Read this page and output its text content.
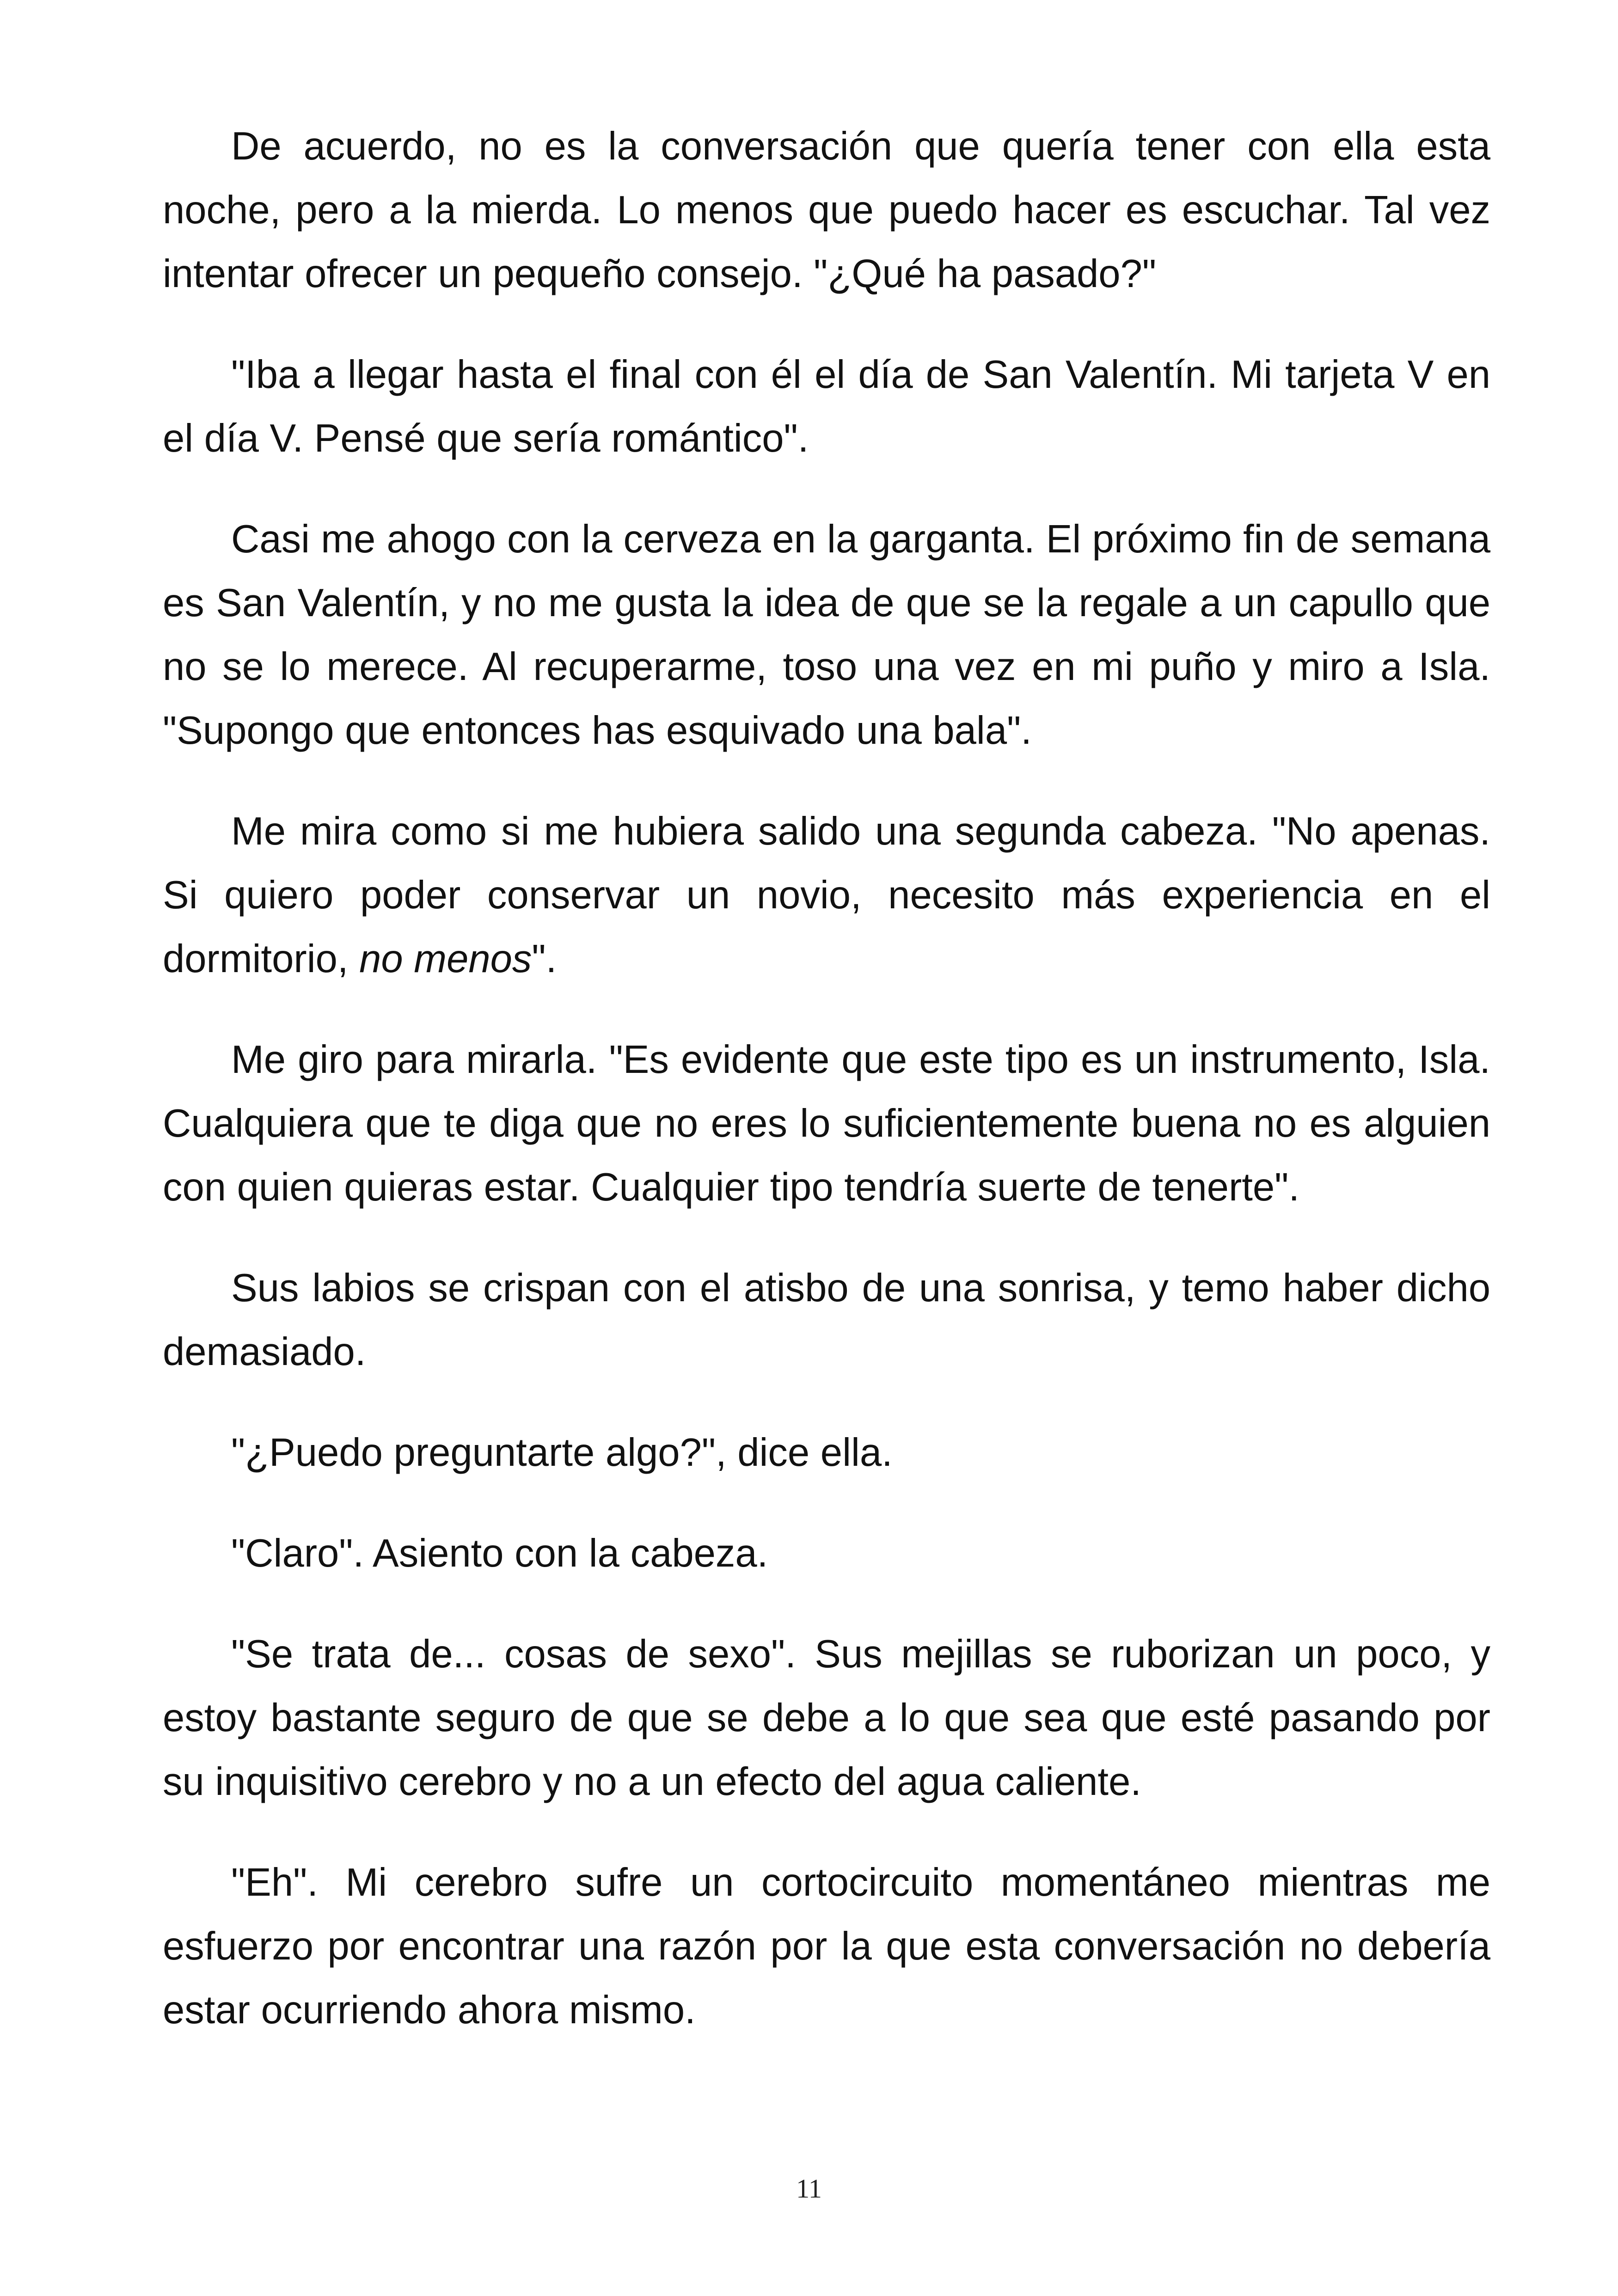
De acuerdo, no es la conversación que quería tener con ella esta noche, pero a la mierda. Lo menos que puedo hacer es escuchar. Tal vez intentar ofrecer un pequeño consejo. "¿Qué ha pasado?"

"Iba a llegar hasta el final con él el día de San Valentín. Mi tarjeta V en el día V. Pensé que sería romántico".

Casi me ahogo con la cerveza en la garganta. El próximo fin de semana es San Valentín, y no me gusta la idea de que se la regale a un capullo que no se lo merece. Al recuperarme, toso una vez en mi puño y miro a Isla. "Supongo que entonces has esquivado una bala".

Me mira como si me hubiera salido una segunda cabeza. "No apenas. Si quiero poder conservar un novio, necesito más experiencia en el dormitorio, no menos".

Me giro para mirarla. "Es evidente que este tipo es un instrumento, Isla. Cualquiera que te diga que no eres lo suficientemente buena no es alguien con quien quieras estar. Cualquier tipo tendría suerte de tenerte".

Sus labios se crispan con el atisbo de una sonrisa, y temo haber dicho demasiado.

"¿Puedo preguntarte algo?", dice ella.

"Claro". Asiento con la cabeza.

"Se trata de... cosas de sexo". Sus mejillas se ruborizan un poco, y estoy bastante seguro de que se debe a lo que sea que esté pasando por su inquisitivo cerebro y no a un efecto del agua caliente.

"Eh". Mi cerebro sufre un cortocircuito momentáneo mientras me esfuerzo por encontrar una razón por la que esta conversación no debería estar ocurriendo ahora mismo.

11
